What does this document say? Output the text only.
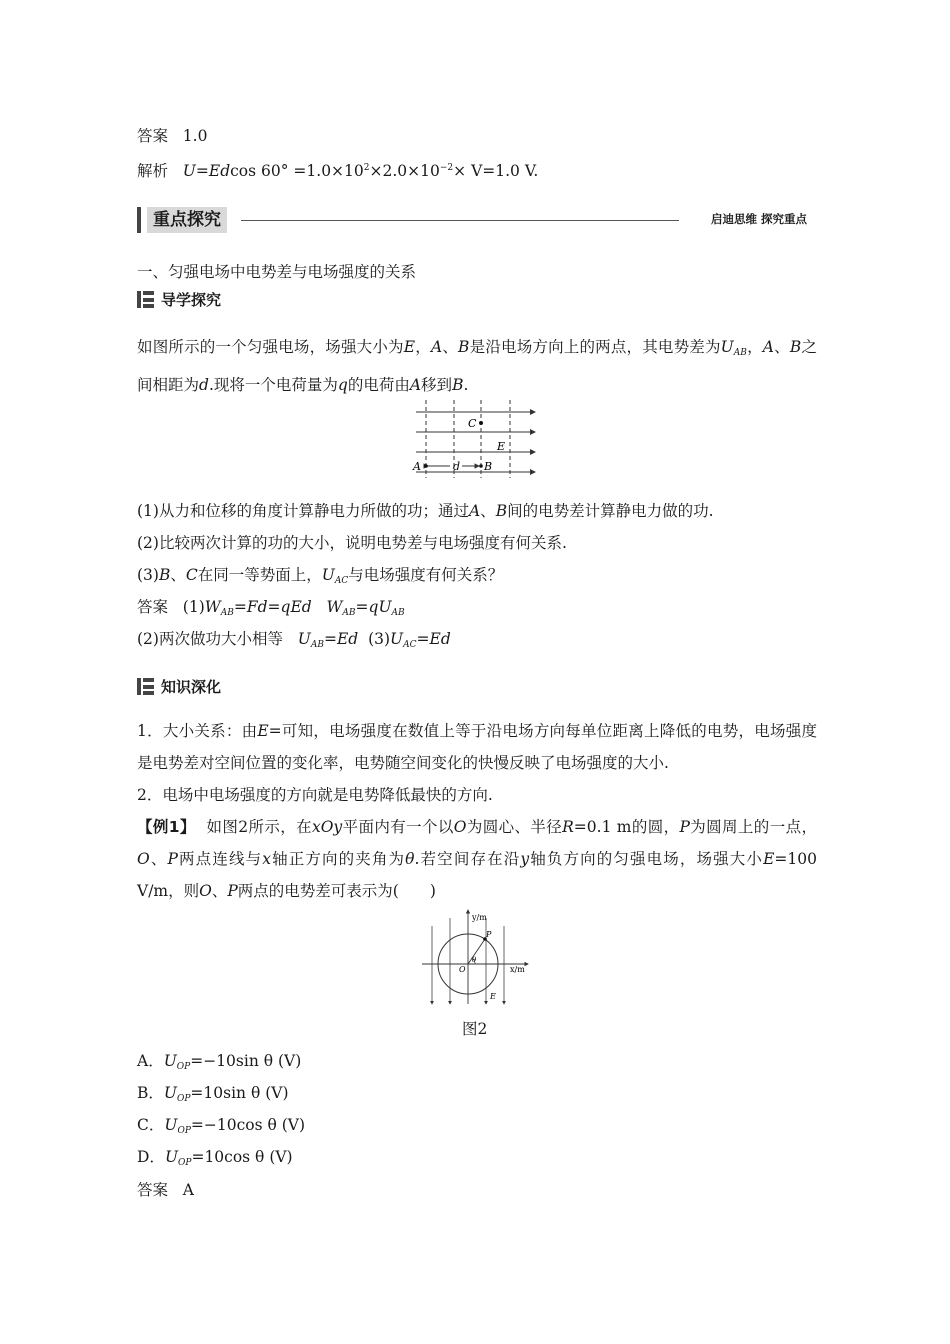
答案 1.0
解析 U=Edcos $60^\circ =1.0\times 10^2\times 2.0\times 10^{-2}\times V=1.0$ V.
重点探究	启迪思维 探究重点
一、匀强电场中电势差与电场强度的关系
导学探究
如图所示的一个匀强电场，场强大小为E，A、B是沿电场方向上的两点，其电势差为$U_{AB}$，A、B之间相距为d.现将一个电荷量为q的电荷由A移到B.
C
E
A	d B
(1)从力和位移的角度计算静电力所做的功；通过A、B间的电势差计算静电力做的功.
(2)比较两次计算的功的大小，说明电势差与电场强度有何关系.
(3)B、C在同一等势面上，$U_{AC}$与电场强度有何关系？
答案 $(1)W_{AB}=Fd=qEd$ $W_{AB}=qU_{AB}$
(2)两次做功大小相等 $U_{AB}=Ed$ $(3)U_{AC}=Ed$
知识深化
1．大小关系：由E=可知，电场强度在数值上等于沿电场方向每单位距离上降低的电势，电场强度是电势差对空间位置的变化率，电势随空间变化的快慢反映了电场强度的大小.
2．电场中电场强度的方向就是电势降低最快的方向.
【例1】 如图2所示，在xOy平面内有一个以O为圆心、半径R=0.1 m的圆，P为圆周上的一点，O、P两点连线与x轴正方向的夹角为θ.若空间存在沿y轴负方向的匀强电场，场强大小E=100 V/m，则O、P两点的电势差可表示为(　　)
y/m
x/m
P
O
θ
E
图2
A．$U_{OP}=-10\sin$ θ (V)
B．$U_{OP}=10\sin$ θ (V)
C．$U_{OP}=-10\cos$ θ (V)
D．$U_{OP}=10\cos$ θ (V)
答案 A
